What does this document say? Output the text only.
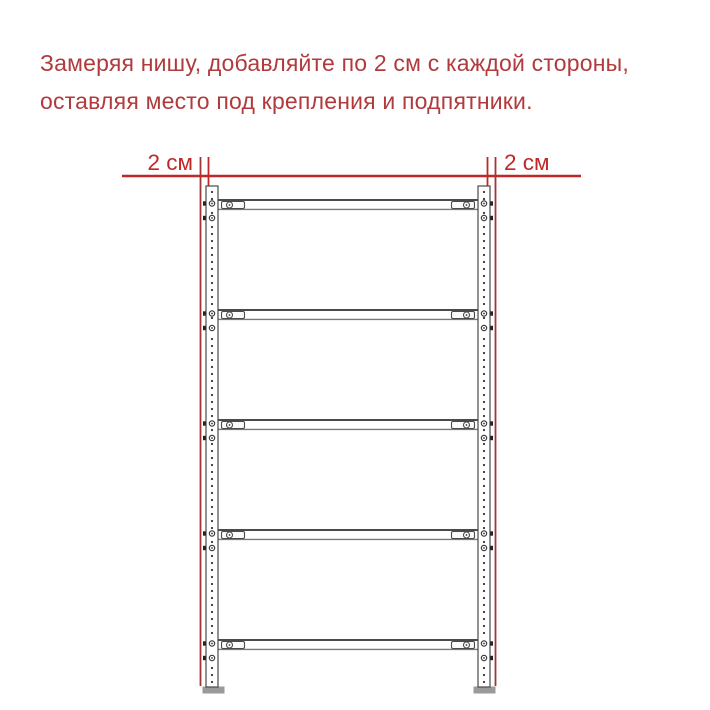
Замеряя нишу, добавляйте по 2 см с каждой стороны,
оставляя место под крепления и подпятники.
2 см	2 см
